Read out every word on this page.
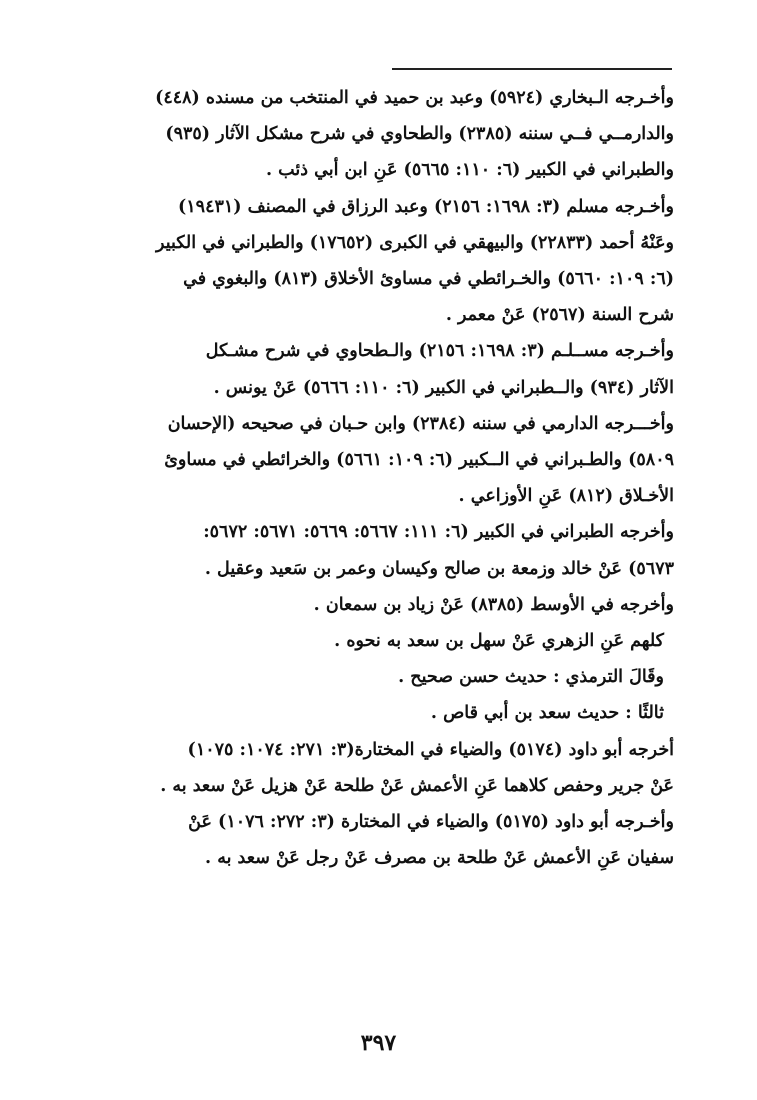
وأخـرجه الـبخاري (٥٩٢٤) وعبد بن حميد في المنتخب من مسنده (٤٤٨)
والدارمــي فــي سننه (٢٣٨٥) والطحاوي في شرح مشكل الآثار (٩٣٥)
والطبراني في الكبير (٦: ١١٠: ٥٦٦٥) عَنِ ابن أبي ذئب .
وأخـرجه مسلم (٣: ١٦٩٨: ٢١٥٦) وعبد الرزاق في المصنف (١٩٤٣١)
وعَنْهُ أحمد (٢٢٨٣٣) والبيهقي في الكبرى (١٧٦٥٢) والطبراني في الكبير
(٦: ١٠٩: ٥٦٦٠) والخـرائطي في مساوئ الأخلاق (٨١٣) والبغوي في
شرح السنة (٢٥٦٧) عَنْ معمر .
وأخـرجه مســلـم (٣: ١٦٩٨: ٢١٥٦) والـطحاوي في شرح مشـكل
الآثار (٩٣٤) والــطبراني في الكبير (٦: ١١٠: ٥٦٦٦) عَنْ يونس .
وأخـــرجه الدارمي في سننه (٢٣٨٤) وابن حـبان في صحيحه (الإحسان
٥٨٠٩) والطـبراني في الــكبير (٦: ١٠٩: ٥٦٦١) والخرائطي في مساوئ
الأخـلاق (٨١٢) عَنِ الأوزاعي .
وأخرجه الطبراني في الكبير (٦: ١١١: ٥٦٦٧: ٥٦٦٩: ٥٦٧١: ٥٦٧٢:
٥٦٧٣) عَنْ خالد وزمعة بن صالح وكيسان وعمر بن سَعيد وعقيل .
وأخرجه في الأوسط (٨٣٨٥) عَنْ زياد بن سمعان .
كلهم عَنِ الزهري عَنْ سهل بن سعد به نحوه .
وقَالَ الترمذي : حديث حسن صحيح .
ثالثًا : حديث سعد بن أبي قاص .
أخرجه أبو داود (٥١٧٤) والضياء في المختارة(٣: ٢٧١: ١٠٧٤: ١٠٧٥)
عَنْ جرير وحفص كلاهما عَنِ الأعمش عَنْ طلحة عَنْ هزيل عَنْ سعد به .
وأخـرجه أبو داود (٥١٧٥) والضياء في المختارة (٣: ٢٧٢: ١٠٧٦) عَنْ
سفيان عَنِ الأعمش عَنْ طلحة بن مصرف عَنْ رجل عَنْ سعد به .
٣٩٧
